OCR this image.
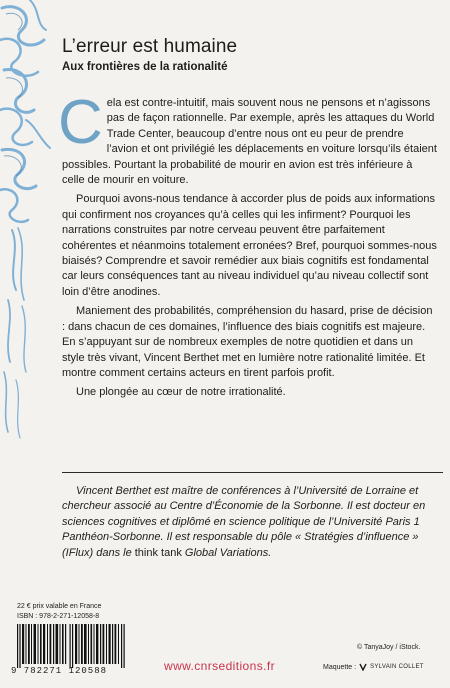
L’erreur est humaine
Aux frontières de la rationalité

Cela est contre-intuitif, mais souvent nous ne pensons et n’agissons pas de façon rationnelle. Par exemple, après les attaques du World Trade Center, beaucoup d’entre nous ont eu peur de prendre l’avion et ont privilégié les déplacements en voiture lorsqu’ils étaient possibles. Pourtant la probabilité de mourir en avion est très inférieure à celle de mourir en voiture.

Pourquoi avons-nous tendance à accorder plus de poids aux informations qui confirment nos croyances qu’à celles qui les infirment? Pourquoi les narrations construites par notre cerveau peuvent être parfaitement cohérentes et néanmoins totalement erronées? Bref, pourquoi sommes-nous biaisés? Comprendre et savoir remédier aux biais cognitifs est fondamental car leurs conséquences tant au niveau individuel qu’au niveau collectif sont loin d’être anodines.

Maniement des probabilités, compréhension du hasard, prise de décision : dans chacun de ces domaines, l’influence des biais cognitifs est majeure. En s’appuyant sur de nombreux exemples de notre quotidien et dans un style très vivant, Vincent Berthet met en lumière notre rationalité limitée. Et montre comment certains acteurs en tirent parfois profit.

Une plongée au cœur de notre irrationalité.

Vincent Berthet est maître de conférences à l’Université de Lorraine et chercheur associé au Centre d’Économie de la Sorbonne. Il est docteur en sciences cognitives et diplômé en science politique de l’Université Paris 1 Panthéon-Sorbonne. Il est responsable du pôle « Stratégies d’influence » (IFlux) dans le think tank Global Variations.

22 € prix valable en France

ISBN : 978-2-271-12058-8

9 782271 120588	www.cnrseditions.fr

© TanyaJoy / iStock.

Maquette : SYLVAIN COLLET
